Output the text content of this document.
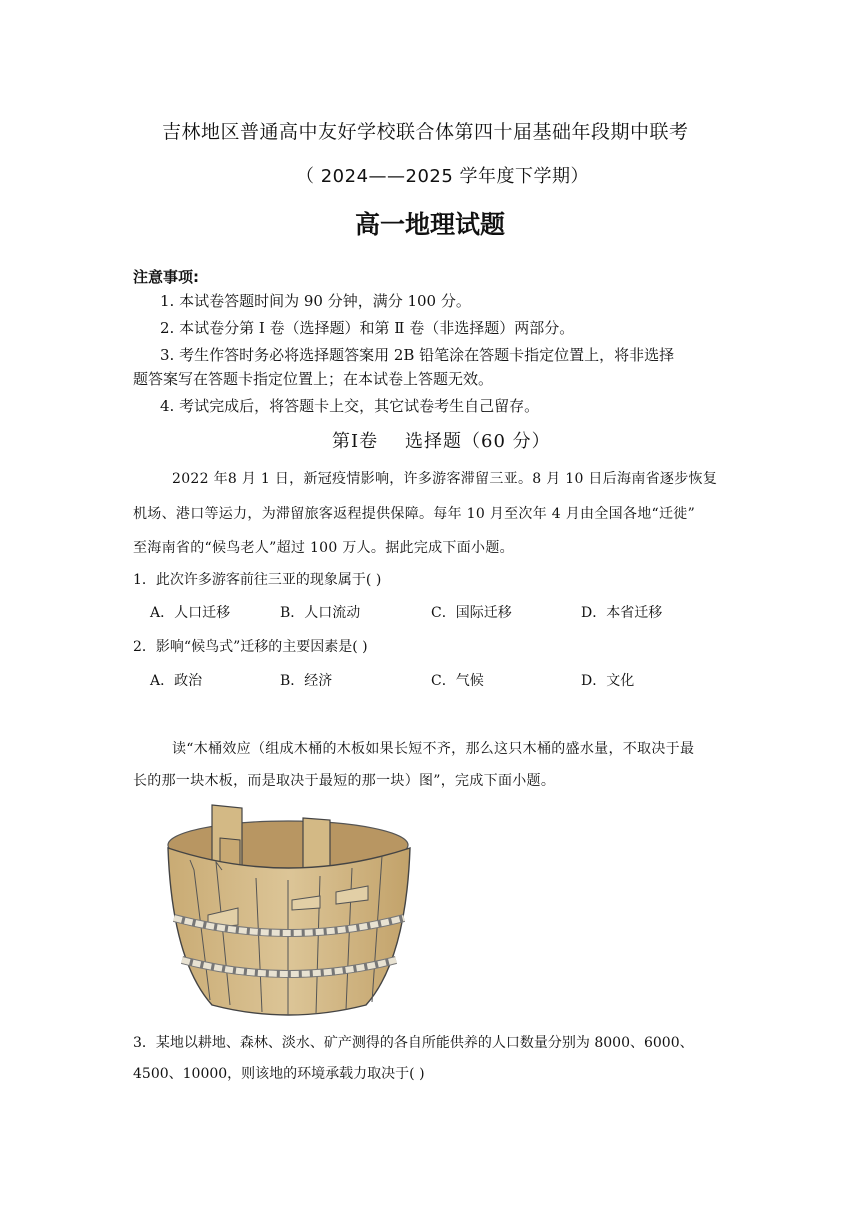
吉林地区普通高中友好学校联合体第四十届基础年段期中联考
（ 2024——2025 学年度下学期）
高一地理试题
注意事项:
1. 本试卷答题时间为 90 分钟，满分 100 分。
2. 本试卷分第 Ⅰ 卷（选择题）和第 Ⅱ 卷（非选择题）两部分。
3. 考生作答时务必将选择题答案用 2B 铅笔涂在答题卡指定位置上，将非选择
题答案写在答题卡指定位置上；在本试卷上答题无效。
4. 考试完成后，将答题卡上交，其它试卷考生自己留存。
第Ⅰ卷    选择题（60 分）
2022 年8 月 1 日，新冠疫情影响，许多游客滞留三亚。8 月 10 日后海南省逐步恢复
机场、港口等运力，为滞留旅客返程提供保障。每年 10 月至次年 4 月由全国各地“迁徙”
至海南省的“候鸟老人”超过 100 万人。据此完成下面小题。
1．此次许多游客前往三亚的现象属于( )
A．人口迁移	B．人口流动	C．国际迁移	D．本省迁移
2．影响“候鸟式”迁移的主要因素是( )
A．政治	B．经济	C．气候	D．文化
读“木桶效应（组成木桶的木板如果长短不齐，那么这只木桶的盛水量，不取决于最
长的那一块木板，而是取决于最短的那一块）图”，完成下面小题。
3．某地以耕地、森林、淡水、矿产测得的各自所能供养的人口数量分别为 8000、6000、
4500、10000，则该地的环境承载力取决于( )
